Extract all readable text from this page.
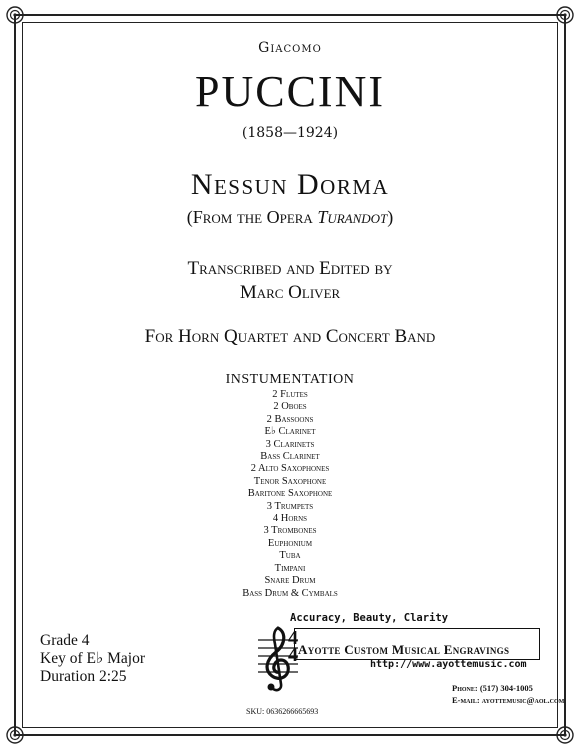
Giacomo
PUCCINI
(1858—1924)
Nessun Dorma
(From the Opera Turandot)
Transcribed and Edited by
Marc Oliver
For Horn Quartet and Concert Band
INSTUMENTATION
2 Flutes
2 Oboes
2 Bassoons
E♭ Clarinet
3 Clarinets
Bass Clarinet
2 Alto Saxophones
Tenor Saxophone
Baritone Saxophone
3 Trumpets
4 Horns
3 Trombones
Euphonium
Tuba
Timpani
Snare Drum
Bass Drum & Cymbals
Grade 4
Key of E♭ Major
Duration 2:25
Accuracy, Beauty, Clarity
4
4 Ayotte Custom Musical Engravings
http://www.ayottemusic.com
Phone: (517) 304-1005
E-mail: ayottemusic@aol.com
SKU: 0636266665693
